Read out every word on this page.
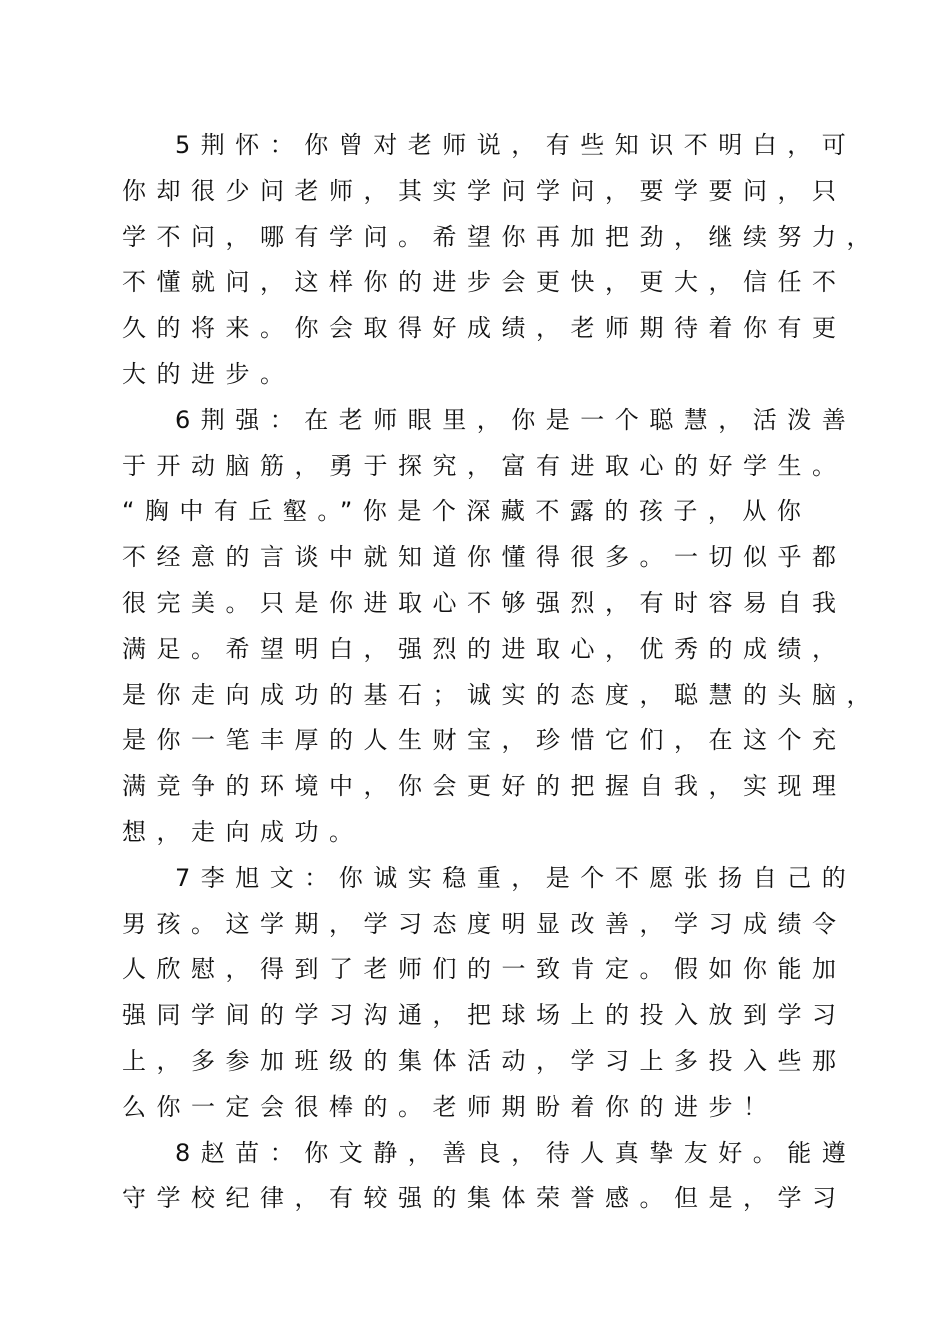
5荆怀：你曾对老师说，有些知识不明白，可
你却很少问老师，其实学问学问，要学要问，只
学不问，哪有学问。希望你再加把劲，继续努力，
不懂就问，这样你的进步会更快，更大，信任不
久的将来。你会取得好成绩，老师期待着你有更
大的进步。
6荆强：在老师眼里，你是一个聪慧，活泼善
于开动脑筋，勇于探究，富有进取心的好学生。
“胸中有丘壑。”你是个深藏不露的孩子，从你
不经意的言谈中就知道你懂得很多。一切似乎都
很完美。只是你进取心不够强烈，有时容易自我
满足。希望明白，强烈的进取心，优秀的成绩，
是你走向成功的基石；诚实的态度，聪慧的头脑，
是你一笔丰厚的人生财宝，珍惜它们，在这个充
满竞争的环境中，你会更好的把握自我，实现理
想，走向成功。
7李旭文：你诚实稳重，是个不愿张扬自己的
男孩。这学期，学习态度明显改善，学习成绩令
人欣慰，得到了老师们的一致肯定。假如你能加
强同学间的学习沟通，把球场上的投入放到学习
上，多参加班级的集体活动，学习上多投入些那
么你一定会很棒的。老师期盼着你的进步！
8赵苗：你文静，善良，待人真挚友好。能遵
守学校纪律，有较强的集体荣誉感。但是，学习
